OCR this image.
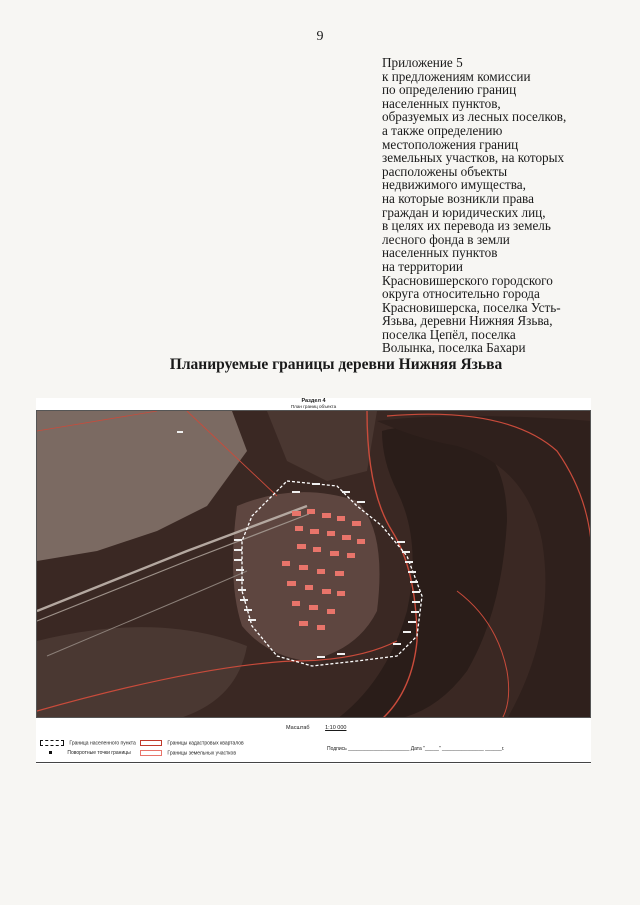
9
Приложение 5
к предложениям комиссии
по определению границ
населенных пунктов,
образуемых из лесных поселков,
а также определению
местоположения границ
земельных участков, на которых
расположены объекты
недвижимого имущества,
на которые возникли права
граждан и юридических лиц,
в целях их перевода из земель
лесного фонда в земли
населенных пунктов
на территории
Красновишерского городского
округа относительно города
Красновишерска, поселка Усть-
Язьва, деревни Нижняя Язьва,
поселка Цепёл, поселка
Волынка, поселка Бахари
Планируемые границы деревни Нижняя Язьва
Раздел 4
План границ объекта
Масштаб	1:10 000
Граница населенного пункта
Поворотные точки границы
Границы кадастровых кварталов
Границы земельных участков
Подпись ______________________ Дата "_____" _______________ ______г.
